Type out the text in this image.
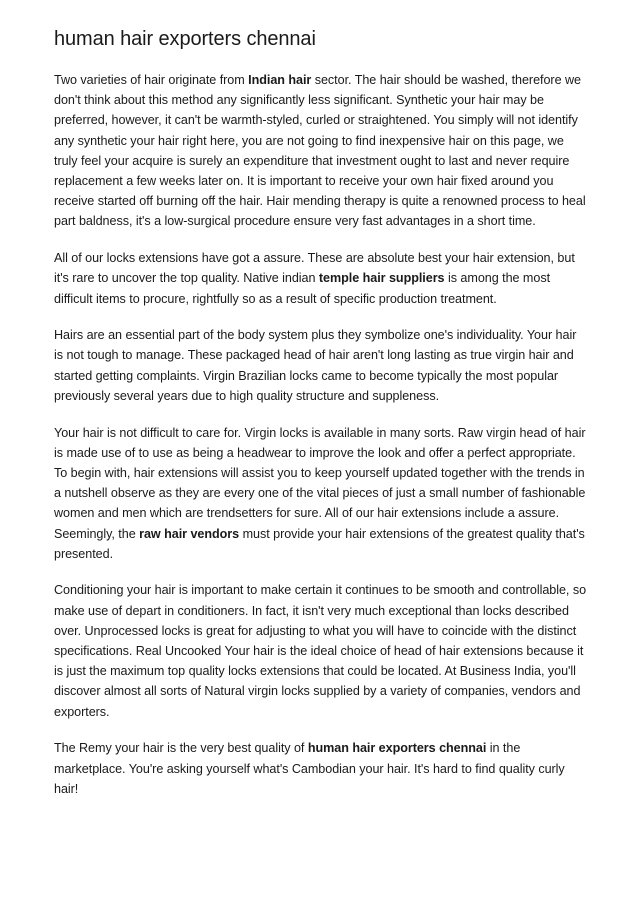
human hair exporters chennai

Two varieties of hair originate from Indian hair sector. The hair should be washed, therefore we don't think about this method any significantly less significant. Synthetic your hair may be preferred, however, it can't be warmth-styled, curled or straightened. You simply will not identify any synthetic your hair right here, you are not going to find inexpensive hair on this page, we truly feel your acquire is surely an expenditure that investment ought to last and never require replacement a few weeks later on. It is important to receive your own hair fixed around you receive started off burning off the hair. Hair mending therapy is quite a renowned process to heal part baldness, it's a low-surgical procedure ensure very fast advantages in a short time.

All of our locks extensions have got a assure. These are absolute best your hair extension, but it's rare to uncover the top quality. Native indian temple hair suppliers is among the most difficult items to procure, rightfully so as a result of specific production treatment.

Hairs are an essential part of the body system plus they symbolize one's individuality. Your hair is not tough to manage. These packaged head of hair aren't long lasting as true virgin hair and started getting complaints. Virgin Brazilian locks came to become typically the most popular previously several years due to high quality structure and suppleness.

Your hair is not difficult to care for. Virgin locks is available in many sorts. Raw virgin head of hair is made use of to use as being a headwear to improve the look and offer a perfect appropriate. To begin with, hair extensions will assist you to keep yourself updated together with the trends in a nutshell observe as they are every one of the vital pieces of just a small number of fashionable women and men which are trendsetters for sure. All of our hair extensions include a assure. Seemingly, the raw hair vendors must provide your hair extensions of the greatest quality that's presented.

Conditioning your hair is important to make certain it continues to be smooth and controllable, so make use of depart in conditioners. In fact, it isn't very much exceptional than locks described over. Unprocessed locks is great for adjusting to what you will have to coincide with the distinct specifications. Real Uncooked Your hair is the ideal choice of head of hair extensions because it is just the maximum top quality locks extensions that could be located. At Business India, you'll discover almost all sorts of Natural virgin locks supplied by a variety of companies, vendors and exporters.

The Remy your hair is the very best quality of human hair exporters chennai in the marketplace. You're asking yourself what's Cambodian your hair. It's hard to find quality curly hair!
